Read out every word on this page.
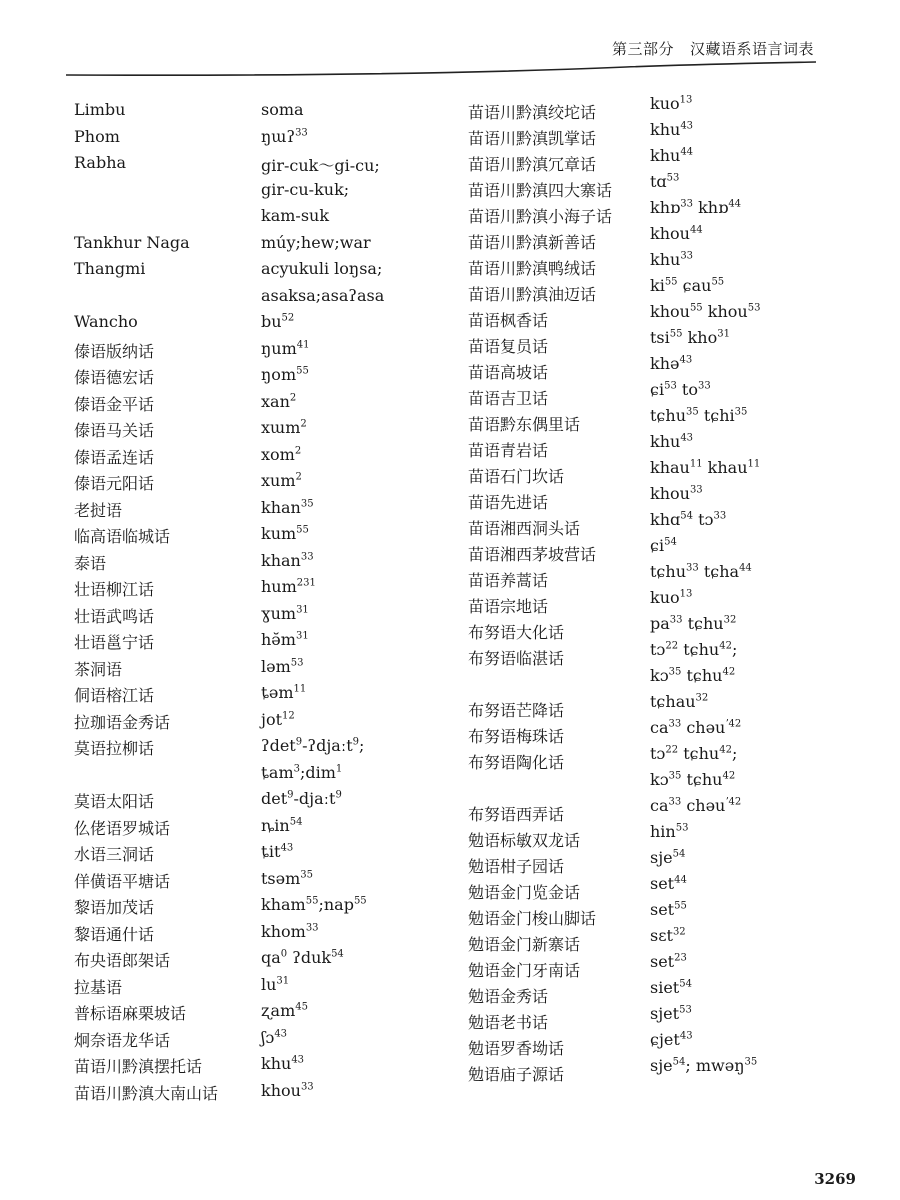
第三部分 汉藏语系语言词表
Limbu	soma
Phom	ŋɯʔ$^{33}$
Rabha	gir-cuk～gi-cu;
gir-cu-kuk;
kam-suk
Tankhur Naga	múy;hew;war
Thangmi	acyukuli loŋsa;
asaksa;asaʔasa
Wancho	$bu^{52}$
傣语版纳话	ŋum$^{41}$
傣语德宏话	ŋom$^{55}$
傣语金平话	xan$^2$
傣语马关话	xɯm$^2$
傣语孟连话	xom$^2$
傣语元阳话	xum$^2$
老挝语	khan$^{35}$
临高语临城话	kum$^{55}$
泰语	khan$^{33}$
壮语柳江话	hum$^{231}$
壮语武鸣话	ɣum$^{31}$
壮语邕宁话	$hə̆m^{31}$
茶洞语	ləm$^{53}$
侗语榕江话	ȶəm$^{11}$
拉珈语金秀话	jot$^{12}$
莫语拉柳话	ʔdet$^9$-ʔdjaːt$^9$;
ȶam$^3$;dim$^1$
莫语太阳话	$\det^9-djaːt^9$
仫佬语罗城话	ȵin$^{54}$
水语三洞话	ȶit$^{43}$
佯僙语平塘话	tsəm$^{35}$
黎语加茂话	kham$^{55}$;nap$^{55}$
黎语通什话	khom$^{33}$
布央语郎架话	$qa^0$ ʔduk$^{54}$
拉基语	$lu^{31}$
普标语麻栗坡话	ʐam$^{45}$
炯奈语龙华话	ʃɔ$^{43}$
苗语川黔滇摆托话	khu$^{43}$
苗语川黔滇大南山话	khou$^{33}$
苗语川黔滇绞坨话	kuo$^{13}$
苗语川黔滇凯掌话	khu$^{43}$
苗语川黔滇冗章话	khu$^{44}$
苗语川黔滇四大寨话 tɑ$^{53}$
苗语川黔滇小海子话 khɒ$^{33}$ khɒ$^{44}$
苗语川黔滇新善话	khou$^{44}$
苗语川黔滇鸭绒话	khu$^{33}$
苗语川黔滇油迈话	$ki^{55}$ ɕau$^{55}$
苗语枫香话	khou$^{55}$ khou$^{53}$
苗语复员话	tsi$^{55}$ kho$^{31}$
苗语高坡话	khə$^{43}$
苗语吉卫话	ɕi$^{53}$ $to^{33}$
苗语黔东偶里话	tɕhu$^{35}$ tɕhi$^{35}$
苗语青岩话	khu$^{43}$
苗语石门坎话	khau$^{11}$ khau$^{11}$
苗语先进话	khou$^{33}$
苗语湘西洞头话	khɑ$^{54}$ tɔ$^{33}$
苗语湘西茅坡营话	ɕi$^{54}$
苗语养蒿话	tɕhu$^{33}$ tɕha$^{44}$
苗语宗地话	kuo$^{13}$
布努语大化话	$pa^{33}$ tɕhu$^{32}$
布努语临湛话	tɔ$^{22}$ tɕhu$^{42}$;
kɔ$^{35}$ tɕhu$^{42}$
布努语芒降话	tɕhau$^{32}$
布努语梅珠话	$ca^{33}$ chəu$^{ʼ42}$
布努语陶化话	tɔ$^{22}$ tɕhu$^{42}$;
kɔ$^{35}$ tɕhu$^{42}$
布努语西弄话	$ca^{33}$ chəu$^{ʼ42}$
勉语标敏双龙话	hin$^{53}$
勉语柑子园话	sje$^{54}$
勉语金门览金话	set$^{44}$
勉语金门梭山脚话	set$^{55}$
勉语金门新寨话	sɛt$^{32}$
勉语金门牙南话	set$^{23}$
勉语金秀话	siet$^{54}$
勉语老书话	sjet$^{53}$
勉语罗香坳话	ɕjet$^{43}$
勉语庙子源话	sje$^{54}$; mwəŋ$^{35}$
3269
